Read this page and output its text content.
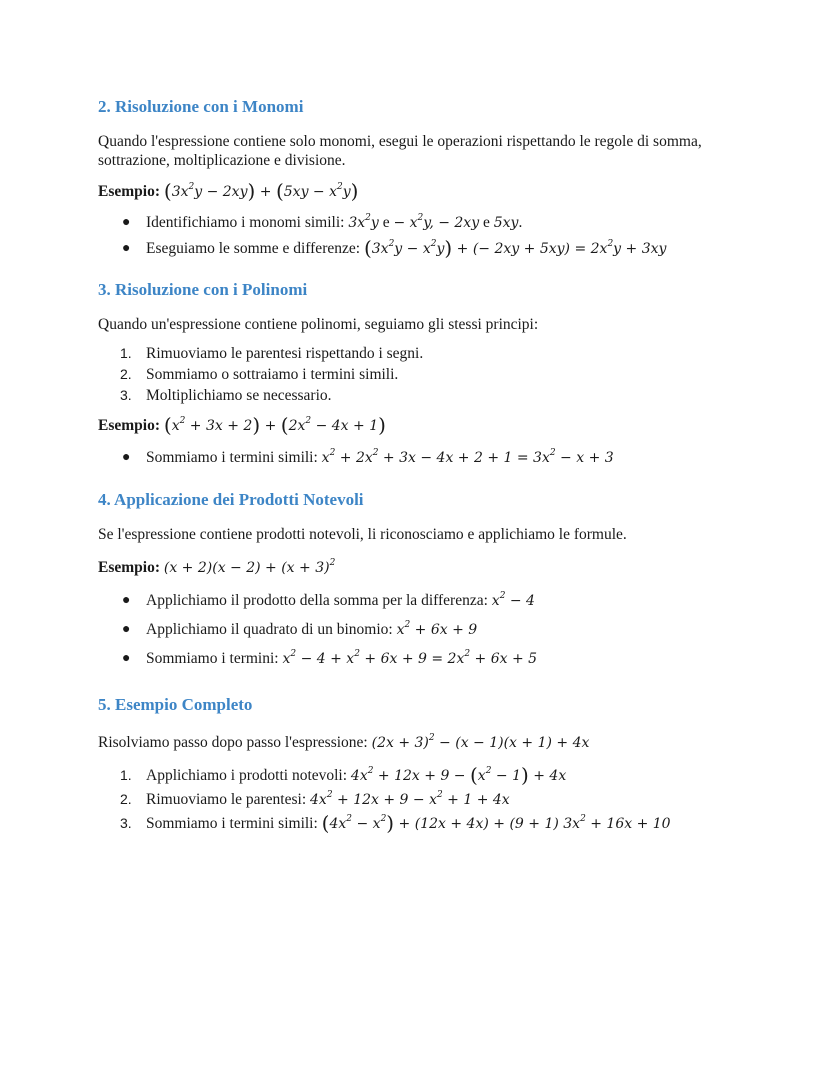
2. Risoluzione con i Monomi

Quando l'espressione contiene solo monomi, esegui le operazioni rispettando le regole di somma, sottrazione, moltiplicazione e divisione.

Esempio: $(3x^2y - 2xy) + (5xy - x^2y)$

● Identifichiamo i monomi simili: $3x^2y$ $e - x^2y$, − 2xy e 5xy.
● Eseguiamo le somme e differenze: $(3x^2y - x^2y)$ + (− $2xy + 5xy) = 2x^2y + 3xy$
3. Risoluzione con i Polinomi

Quando un'espressione contiene polinomi, seguiamo gli stessi principi:

1. Rimuoviamo le parentesi rispettando i segni.
2. Sommiamo o sottraiamo i termini simili.
3. Moltiplichiamo se necessario.

Esempio: $(x^2 + 3x + 2) + (2x^2 - 4x + 1)$

● Sommiamo i termini simili: $x^2 + 2x^2 + 3x - 4x + 2 + 1 = 3x^2 - x + 3$
4. Applicazione dei Prodotti Notevoli

Se l'espressione contiene prodotti notevoli, li riconosciamo e applichiamo le formule.

Esempio: $(x + 2)(x - 2) + (x + 3)^2$

● Applichiamo il prodotto della somma per la differenza: $x^2 - 4$
● Applichiamo il quadrato di un binomio: $x^2 + 6x + 9$
● Sommiamo i termini: $x^2 - 4 + x^2 + 6x + 9 = 2x^2 + 6x + 5$
5. Esempio Completo

Risolviamo passo dopo passo l'espressione: $(2x + 3)^2 - (x - 1)(x + 1) + 4x$

1. Applichiamo i prodotti notevoli: $4x^2 + 12x + 9 - (x^2 - 1) + 4x$
2. Rimuoviamo le parentesi: $4x^2 + 12x + 9 - x^2 + 1 + 4x$
3. Sommiamo i termini simili: $(4x^2 - x^2) + (12x + 4x) + (9 + 1) 3x^2 + 16x + 10$
